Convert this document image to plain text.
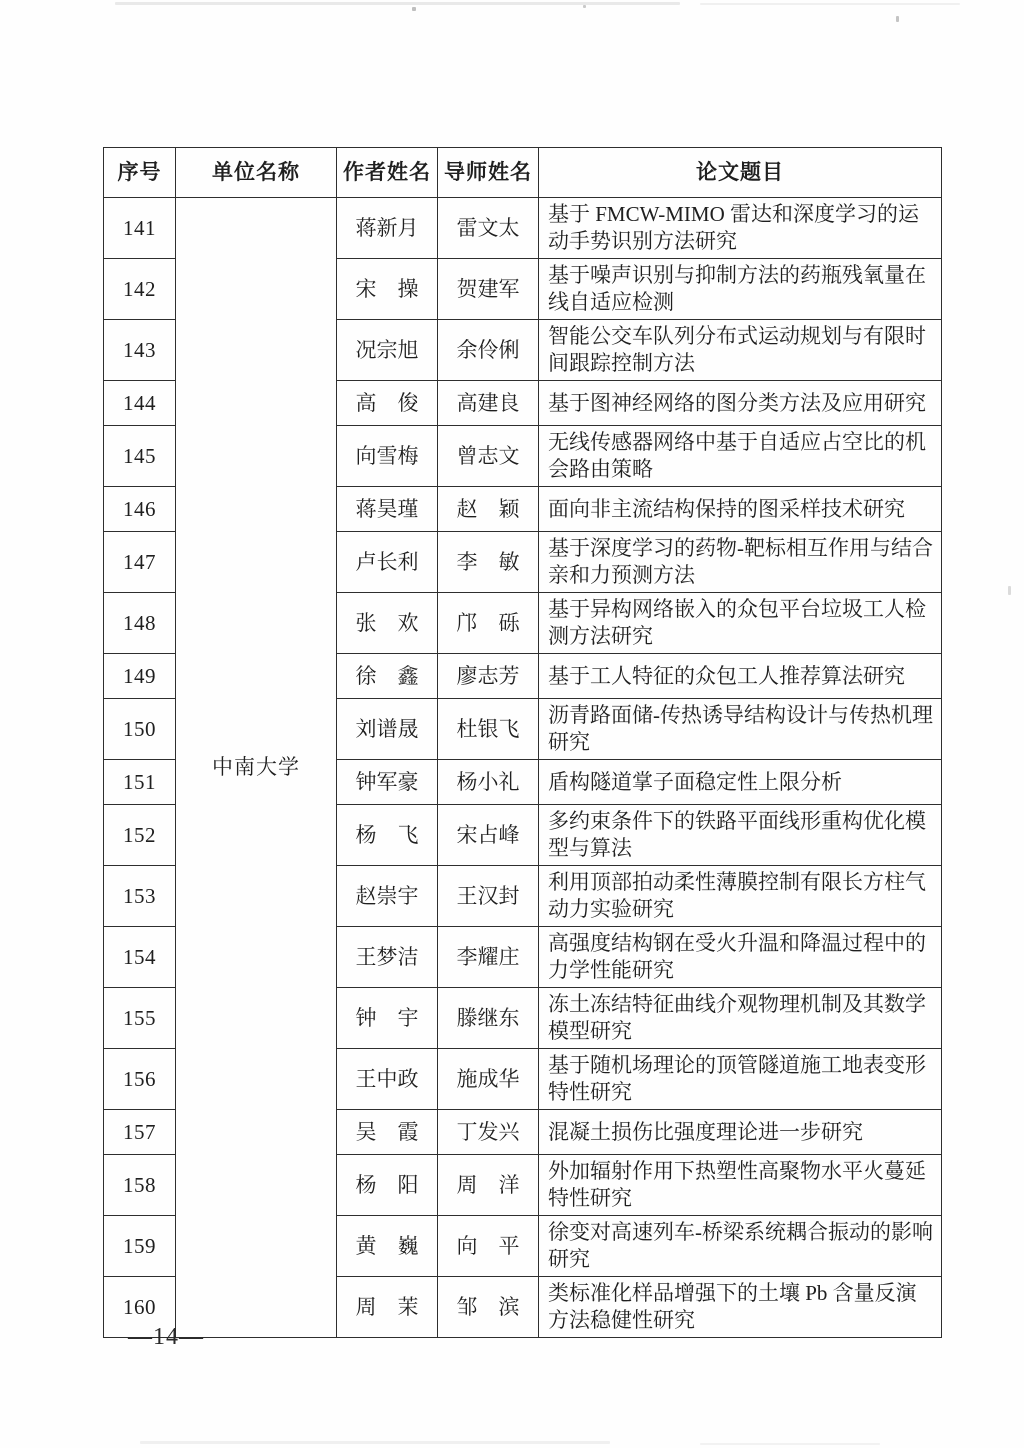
序号	单位名称	作者姓名	导师姓名	论文题目
141	中南大学	蒋新月	雷文太	基于 FMCW-MIMO 雷达和深度学习的运动手势识别方法研究
142		宋　操	贺建军	基于噪声识别与抑制方法的药瓶残氧量在线自适应检测
143		况宗旭	余伶俐	智能公交车队列分布式运动规划与有限时间跟踪控制方法
144		高　俊	高建良	基于图神经网络的图分类方法及应用研究
145		向雪梅	曾志文	无线传感器网络中基于自适应占空比的机会路由策略
146		蒋昊瑾	赵　颖	面向非主流结构保持的图采样技术研究
147		卢长利	李　敏	基于深度学习的药物-靶标相互作用与结合亲和力预测方法
148		张　欢	邝　砾	基于异构网络嵌入的众包平台垃圾工人检测方法研究
149		徐　鑫	廖志芳	基于工人特征的众包工人推荐算法研究
150		刘谱晟	杜银飞	沥青路面储-传热诱导结构设计与传热机理研究
151		钟军豪	杨小礼	盾构隧道掌子面稳定性上限分析
152		杨　飞	宋占峰	多约束条件下的铁路平面线形重构优化模型与算法
153		赵崇宇	王汉封	利用顶部拍动柔性薄膜控制有限长方柱气动力实验研究
154		王梦洁	李耀庄	高强度结构钢在受火升温和降温过程中的力学性能研究
155		钟　宇	滕继东	冻土冻结特征曲线介观物理机制及其数学模型研究
156		王中政	施成华	基于随机场理论的顶管隧道施工地表变形特性研究
157		吴　霞	丁发兴	混凝土损伤比强度理论进一步研究
158		杨　阳	周　洋	外加辐射作用下热塑性高聚物水平火蔓延特性研究
159		黄　巍	向　平	徐变对高速列车-桥梁系统耦合振动的影响研究
160		周　茉	邹　滨	类标准化样品增强下的土壤 Pb 含量反演方法稳健性研究
—14—
